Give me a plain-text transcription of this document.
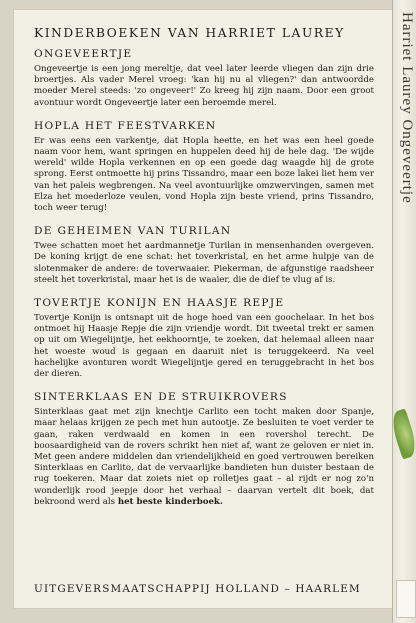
KINDERBOEKEN VAN HARRIET LAUREY
ONGEVEERTJE

Ongeveertje is een jong mereltje, dat veel later leerde vliegen dan zijn drie broertjes. Als vader Merel vroeg: 'kan hij nu al vliegen?' dan antwoordde moeder Merel steeds: 'zo ongeveer!' Zo kreeg hij zijn naam. Door een groot avontuur wordt Ongeveertje later een beroemde merel.

HOPLA HET FEESTVARKEN

Er was eens een varkentje, dat Hopla heette, en het was een heel goede naam voor hem, want springen en huppelen deed hij de hele dag. 'De wijde wereld' wilde Hopla verkennen en op een goede dag waagde hij de grote sprong. Eerst ontmoette hij prins Tissandro, maar een boze lakei liet hem ver van het paleis wegbrengen. Na veel avontuurlijke omzwervingen, samen met Elza het moederloze veulen, vond Hopla zijn beste vriend, prins Tissandro, toch weer terug!

DE GEHEIMEN VAN TURILAN

Twee schatten moet het aardmannetje Turilan in mensenhanden overgeven. De koning krijgt de ene schat: het toverkristal, en het arme hulpje van de slotenmaker de andere: de toverwaaier. Piekerman, de afgunstige raadsheer steelt het toverkristal, maar het is de waaier, die de dief te vlug af is.

TOVERTJE KONIJN EN HAASJE REPJE

Tovertje Konijn is ontsnapt uit de hoge hoed van een goochelaar. In het bos ontmoet hij Haasje Repje die zijn vriendje wordt. Dit tweetal trekt er samen op uit om Wiegelijntje, het eekhoorntje, te zoeken, dat helemaal alleen naar het woeste woud is gegaan en daaruit niet is teruggekeerd. Na veel hachelijke avonturen wordt Wiegelijntje gered en teruggebracht in het bos der dieren.

SINTERKLAAS EN DE STRUIKROVERS

Sinterklaas gaat met zijn knechtje Carlito een tocht maken door Spanje, maar helaas krijgen ze pech met hun autootje. Ze besluiten te voet verder te gaan, raken verdwaald en komen in een rovershol terecht. De boosaardigheid van de rovers schrikt hen niet af, want ze geloven er niet in. Met geen andere middelen dan vriendelijkheid en goed vertrouwen bereiken Sinterklaas en Carlito, dat de vervaarlijke bandieten hun duister bestaan de rug toekeren. Maar dat zoiets niet op rolletjes gaat – al rijdt er nog zo'n wonderlijk rood jeepje door het verhaal – daarvan vertelt dit boek, dat bekroond werd als het beste kinderboek.

UITGEVERSMAATSCHAPPIJ HOLLAND – HAARLEM
Harriet Laurey Ongeveertje
